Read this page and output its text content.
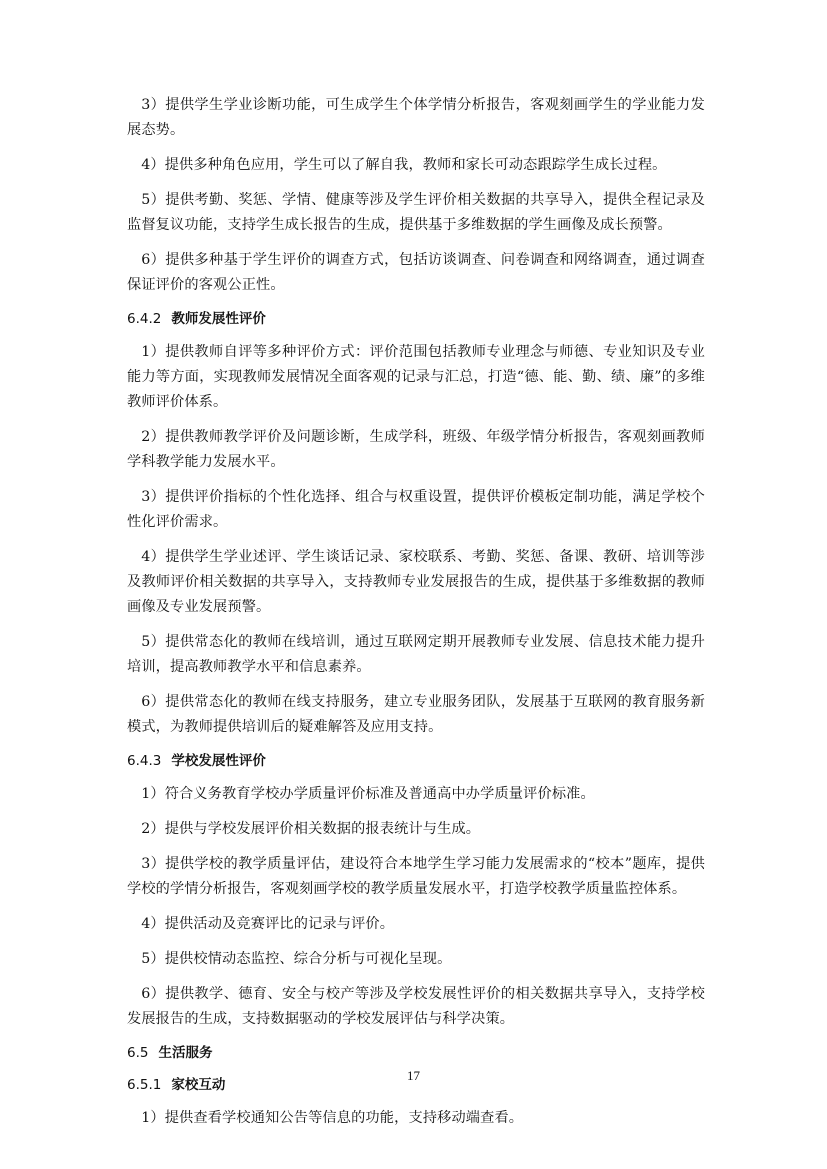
3）提供学生学业诊断功能，可生成学生个体学情分析报告，客观刻画学生的学业能力发展态势。

4）提供多种角色应用，学生可以了解自我，教师和家长可动态跟踪学生成长过程。

5）提供考勤、奖惩、学情、健康等涉及学生评价相关数据的共享导入，提供全程记录及监督复议功能，支持学生成长报告的生成，提供基于多维数据的学生画像及成长预警。

6）提供多种基于学生评价的调查方式，包括访谈调查、问卷调查和网络调查，通过调查保证评价的客观公正性。

6.4.2 教师发展性评价

1）提供教师自评等多种评价方式：评价范围包括教师专业理念与师德、专业知识及专业能力等方面，实现教师发展情况全面客观的记录与汇总，打造“德、能、勤、绩、廉”的多维教师评价体系。

2）提供教师教学评价及问题诊断，生成学科，班级、年级学情分析报告，客观刻画教师学科教学能力发展水平。

3）提供评价指标的个性化选择、组合与权重设置，提供评价模板定制功能，满足学校个性化评价需求。

4）提供学生学业述评、学生谈话记录、家校联系、考勤、奖惩、备课、教研、培训等涉及教师评价相关数据的共享导入，支持教师专业发展报告的生成，提供基于多维数据的教师画像及专业发展预警。

5）提供常态化的教师在线培训，通过互联网定期开展教师专业发展、信息技术能力提升培训，提高教师教学水平和信息素养。

6）提供常态化的教师在线支持服务，建立专业服务团队，发展基于互联网的教育服务新模式，为教师提供培训后的疑难解答及应用支持。

6.4.3 学校发展性评价

1）符合义务教育学校办学质量评价标准及普通高中办学质量评价标准。

2）提供与学校发展评价相关数据的报表统计与生成。

3）提供学校的教学质量评估，建设符合本地学生学习能力发展需求的“校本”题库，提供学校的学情分析报告，客观刻画学校的教学质量发展水平，打造学校教学质量监控体系。

4）提供活动及竞赛评比的记录与评价。

5）提供校情动态监控、综合分析与可视化呈现。

6）提供教学、德育、安全与校产等涉及学校发展性评价的相关数据共享导入，支持学校发展报告的生成，支持数据驱动的学校发展评估与科学决策。

6.5 生活服务
6.5.1 家校互动

1）提供查看学校通知公告等信息的功能，支持移动端查看。

17
